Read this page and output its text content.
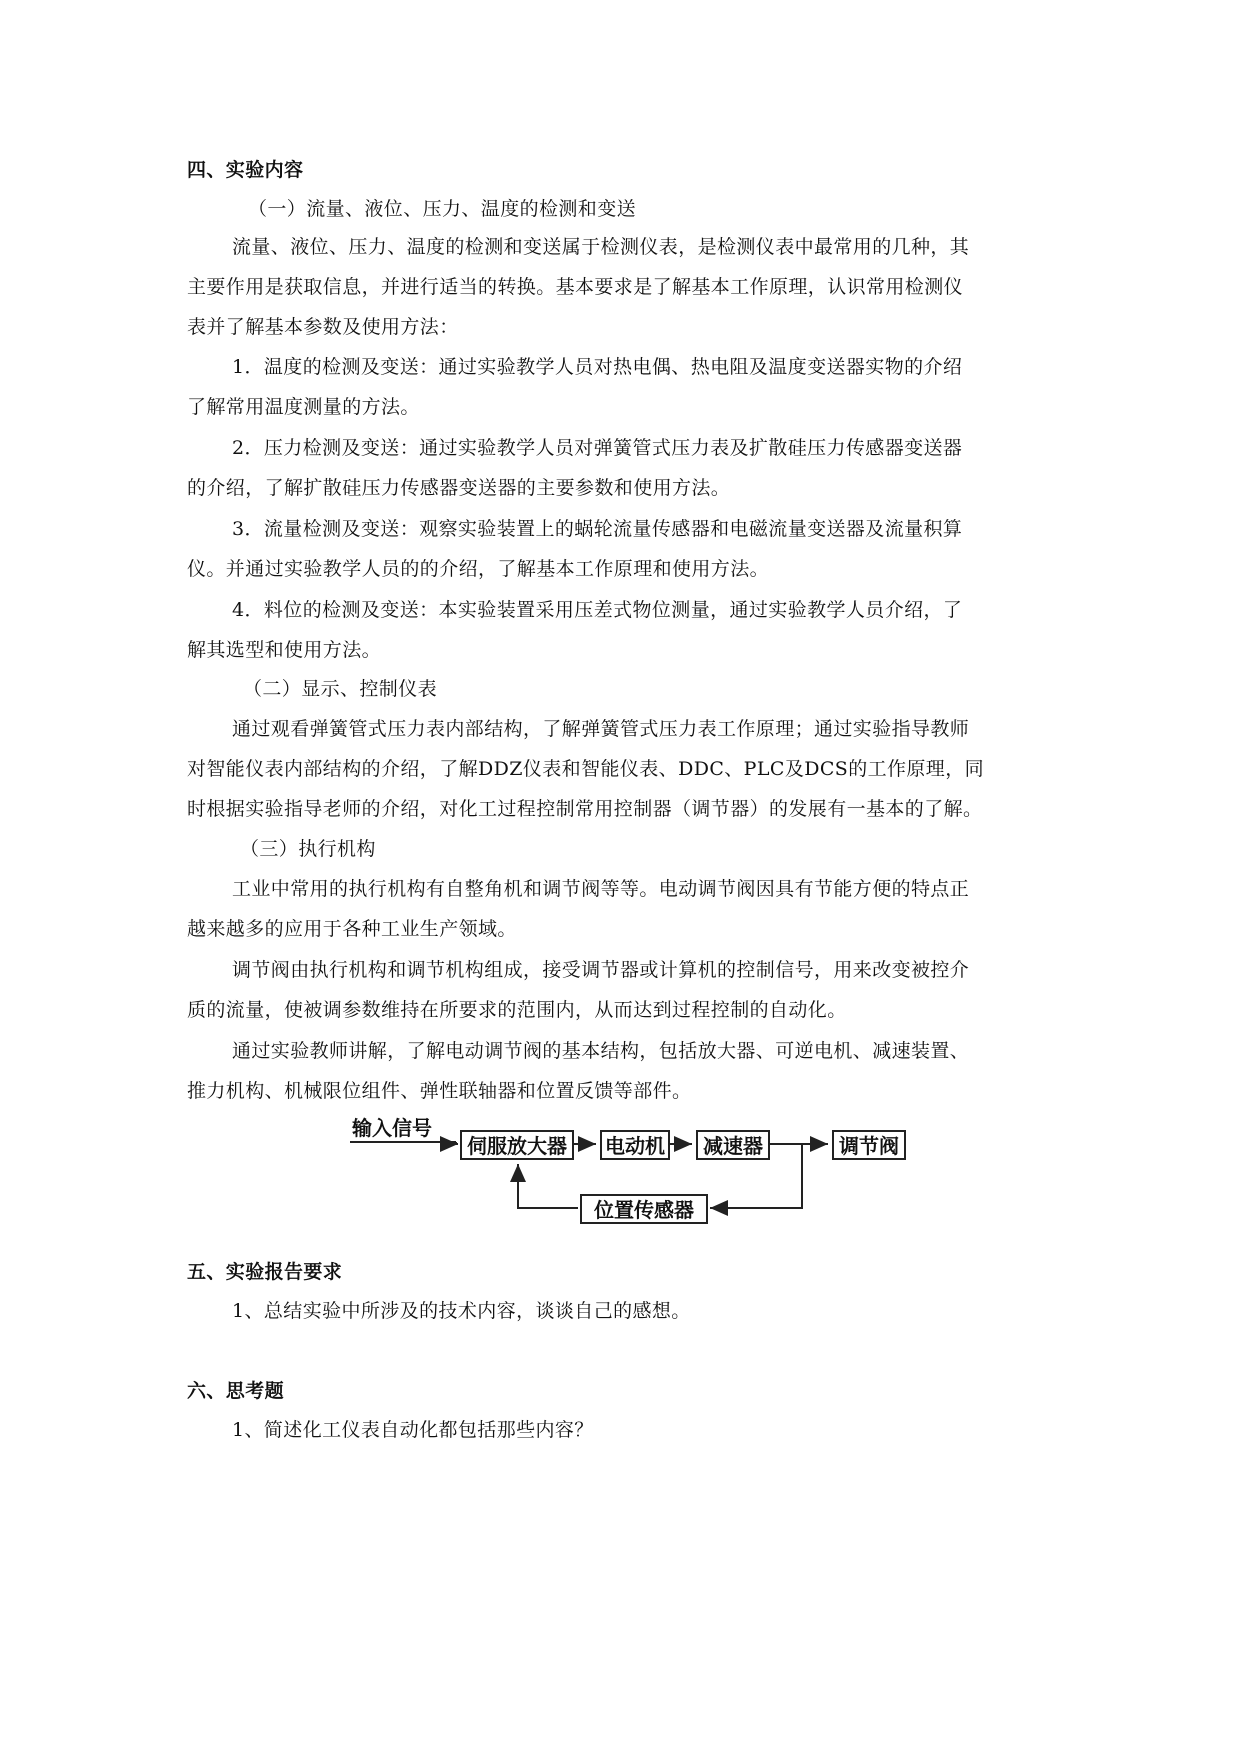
四、实验内容
（一）流量、液位、压力、温度的检测和变送
流量、液位、压力、温度的检测和变送属于检测仪表，是检测仪表中最常用的几种，其
主要作用是获取信息，并进行适当的转换。基本要求是了解基本工作原理，认识常用检测仪
表并了解基本参数及使用方法：
1．温度的检测及变送：通过实验教学人员对热电偶、热电阻及温度变送器实物的介绍
了解常用温度测量的方法。
2．压力检测及变送：通过实验教学人员对弹簧管式压力表及扩散硅压力传感器变送器
的介绍，了解扩散硅压力传感器变送器的主要参数和使用方法。
3．流量检测及变送：观察实验装置上的蜗轮流量传感器和电磁流量变送器及流量积算
仪。并通过实验教学人员的的介绍，了解基本工作原理和使用方法。
4．料位的检测及变送：本实验装置采用压差式物位测量，通过实验教学人员介绍，了
解其选型和使用方法。
（二）显示、控制仪表
通过观看弹簧管式压力表内部结构，了解弹簧管式压力表工作原理；通过实验指导教师
对智能仪表内部结构的介绍，了解DDZ仪表和智能仪表、DDC、PLC及DCS的工作原理，同
时根据实验指导老师的介绍，对化工过程控制常用控制器（调节器）的发展有一基本的了解。
（三）执行机构
工业中常用的执行机构有自整角机和调节阀等等。电动调节阀因具有节能方便的特点正
越来越多的应用于各种工业生产领域。
调节阀由执行机构和调节机构组成，接受调节器或计算机的控制信号，用来改变被控介
质的流量，使被调参数维持在所要求的范围内，从而达到过程控制的自动化。
通过实验教师讲解，了解电动调节阀的基本结构，包括放大器、可逆电机、减速装置、
推力机构、机械限位组件、弹性联轴器和位置反馈等部件。
输入信号
伺服放大器	电动机	减速器	调节阀
位置传感器
五、实验报告要求
1、总结实验中所涉及的技术内容，谈谈自己的感想。
六、思考题
1、简述化工仪表自动化都包括那些内容？
